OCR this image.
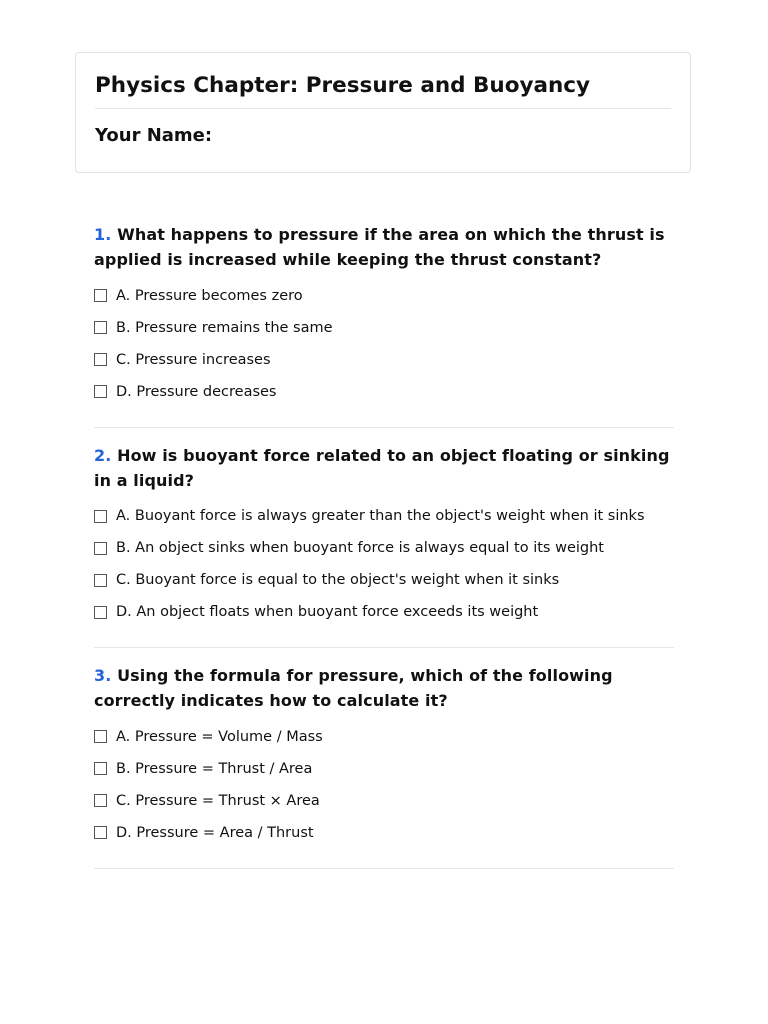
Physics Chapter: Pressure and Buoyancy
Your Name:

1. What happens to pressure if the area on which the thrust is applied is increased while keeping the thrust constant?

A. Pressure becomes zero
B. Pressure remains the same
C. Pressure increases
D. Pressure decreases

2. How is buoyant force related to an object floating or sinking in a liquid?

A. Buoyant force is always greater than the object's weight when it sinks
B. An object sinks when buoyant force is always equal to its weight
C. Buoyant force is equal to the object's weight when it sinks
D. An object floats when buoyant force exceeds its weight

3. Using the formula for pressure, which of the following correctly indicates how to calculate it?

A. Pressure = Volume / Mass
B. Pressure = Thrust / Area
C. Pressure = Thrust × Area
D. Pressure = Area / Thrust
